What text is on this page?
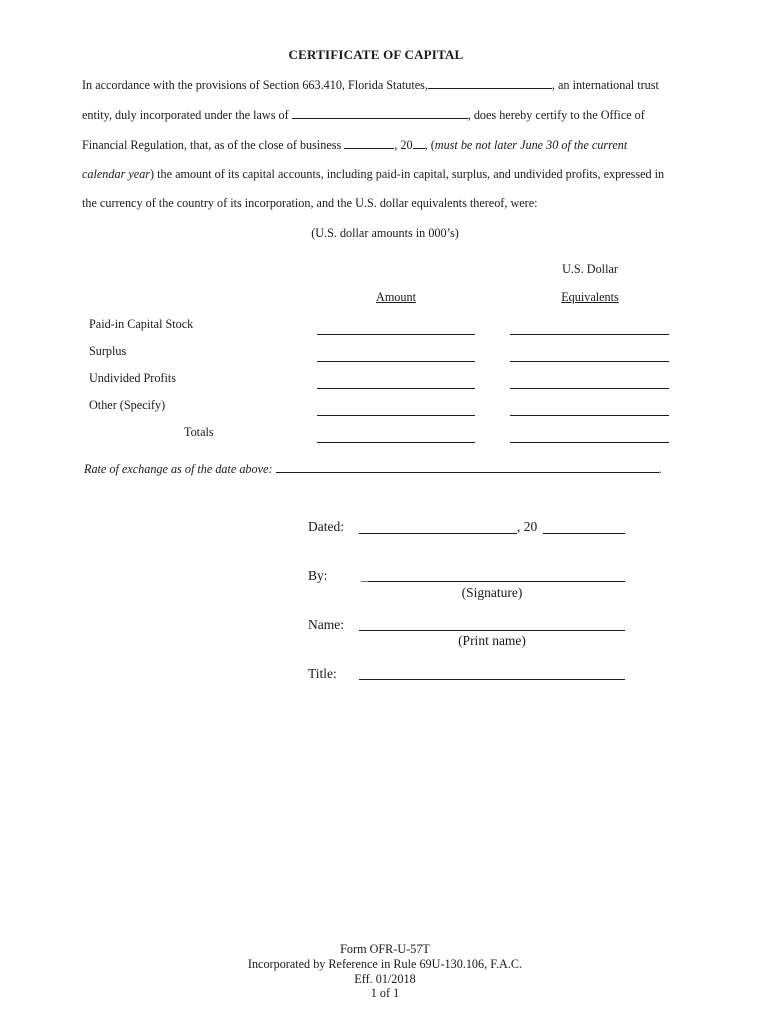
CERTIFICATE OF CAPITAL
In accordance with the provisions of Section 663.410, Florida Statutes,	, an international trust
entity, duly incorporated under the laws of	, does hereby certify to the Office of
Financial Regulation, that, as of the close of business	, 20 , (must be not later June 30 of the current
calendar year) the amount of its capital accounts, including paid-in capital, surplus, and undivided profits, expressed in
the currency of the country of its incorporation, and the U.S. dollar equivalents thereof, were:
(U.S. dollar amounts in 000’s)
U.S. Dollar
Amount	Equivalents
Paid-in Capital Stock
Surplus
Undivided Profits
Other (Specify)
Totals
Rate of exchange as of the date above:	.
Dated:	, 20
By: _
(Signature)
Name:
(Print name)
Title:
Form OFR-U-57T
Incorporated by Reference in Rule 69U-130.106, F.A.C.
Eff. 01/2018
1 of 1
